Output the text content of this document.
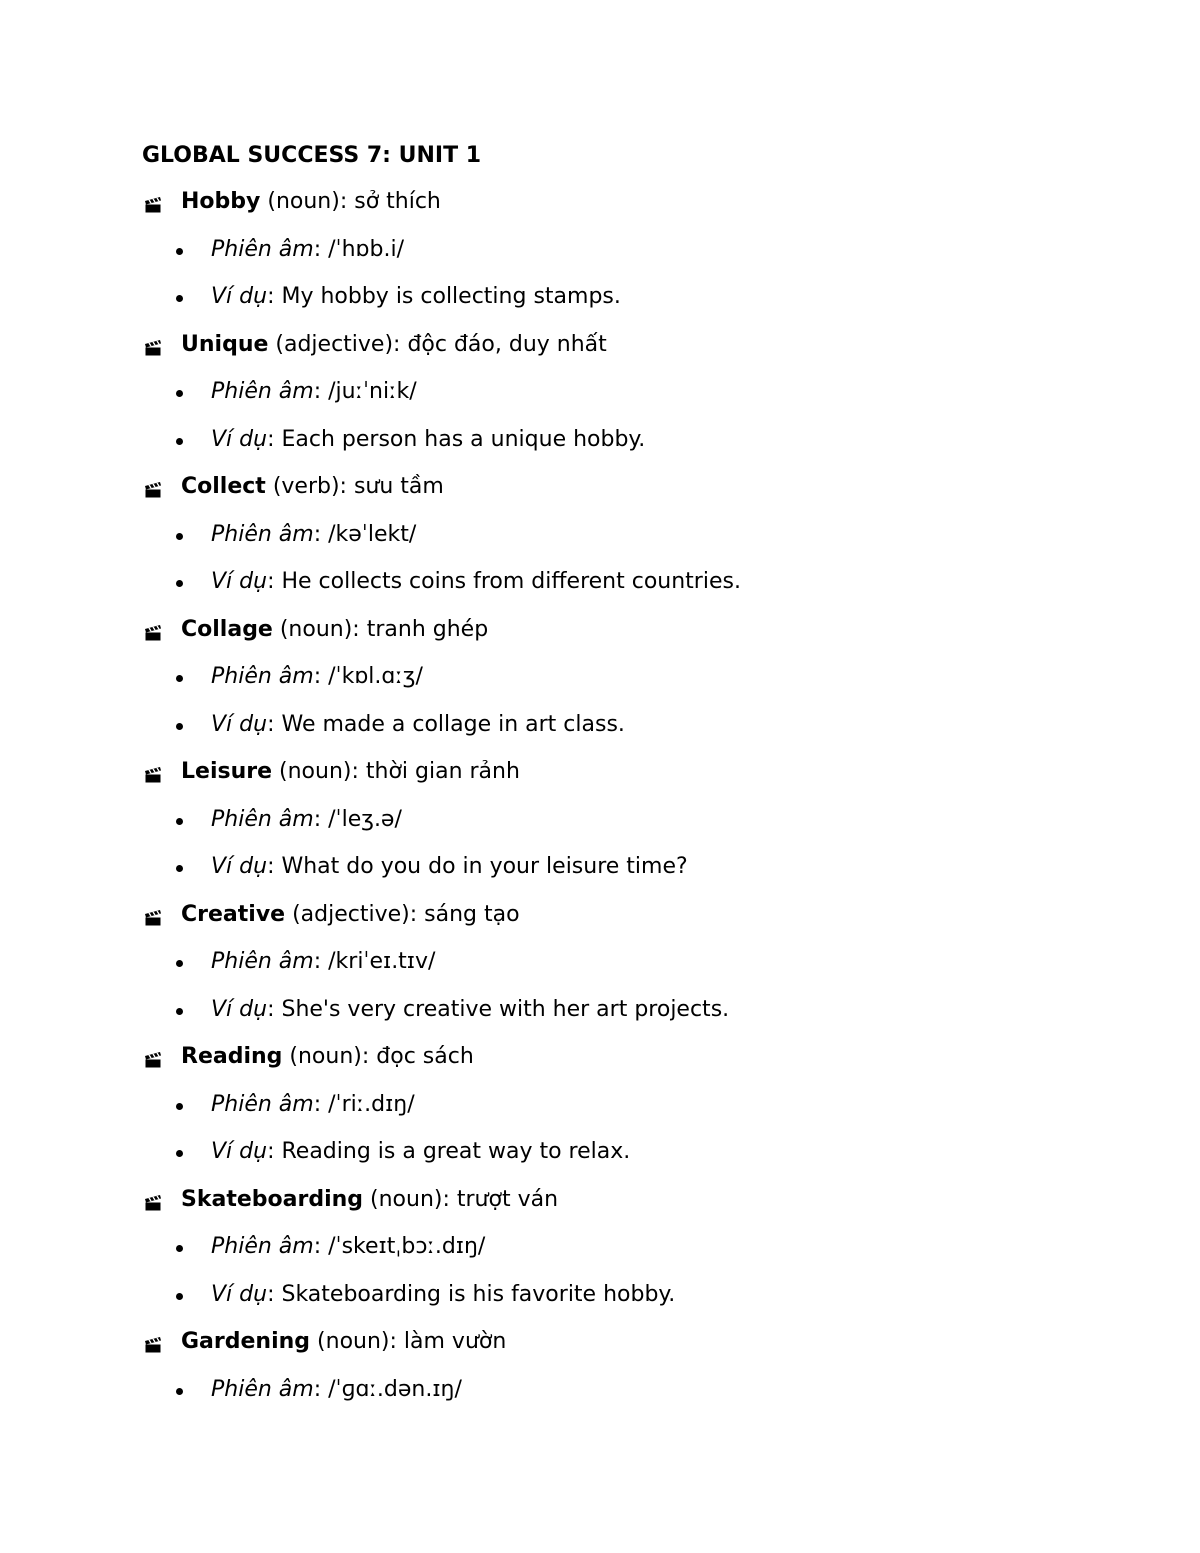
GLOBAL SUCCESS 7: UNIT 1
Hobby (noun): sở thích
Phiên âm: /ˈhɒb.i/
Ví dụ: My hobby is collecting stamps.
Unique (adjective): độc đáo, duy nhất
Phiên âm: /juːˈniːk/
Ví dụ: Each person has a unique hobby.
Collect (verb): sưu tầm
Phiên âm: /kəˈlekt/
Ví dụ: He collects coins from different countries.
Collage (noun): tranh ghép
Phiên âm: /ˈkɒl.ɑːʒ/
Ví dụ: We made a collage in art class.
Leisure (noun): thời gian rảnh
Phiên âm: /ˈleʒ.ə/
Ví dụ: What do you do in your leisure time?
Creative (adjective): sáng tạo
Phiên âm: /kriˈeɪ.tɪv/
Ví dụ: She's very creative with her art projects.
Reading (noun): đọc sách
Phiên âm: /ˈriː.dɪŋ/
Ví dụ: Reading is a great way to relax.
Skateboarding (noun): trượt ván
Phiên âm: /ˈskeɪtˌbɔː.dɪŋ/
Ví dụ: Skateboarding is his favorite hobby.
Gardening (noun): làm vườn
Phiên âm: /ˈɡɑː.dən.ɪŋ/
